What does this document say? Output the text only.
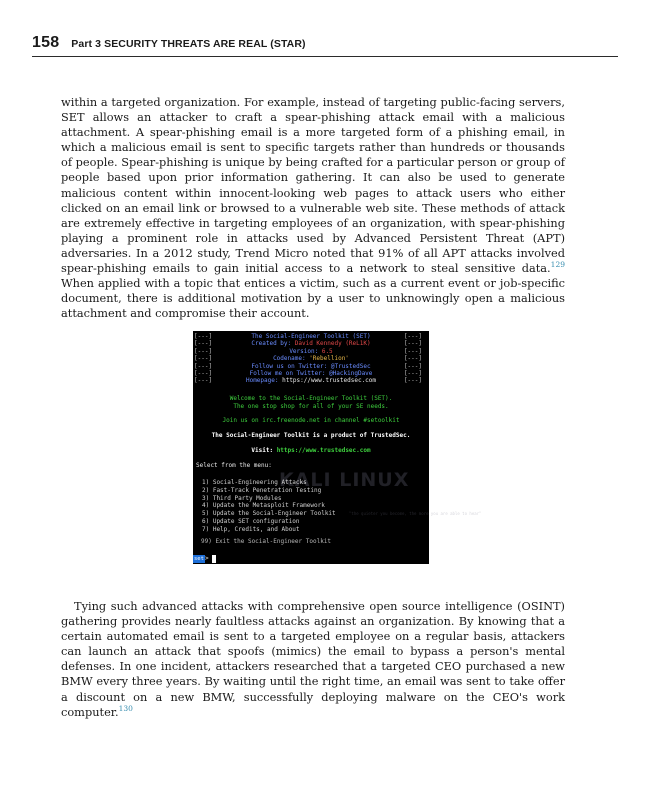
158 Part 3 SECURITY THREATS ARE REAL (STAR)

within a targeted organization. For example, instead of targeting public-facing servers, SET allows an attacker to craft a spear-phishing attack email with a malicious attachment. A spear-phishing email is a more targeted form of a phishing email, in which a malicious email is sent to specific targets rather than hundreds or thousands of people. Spear-phishing is unique by being crafted for a particular person or group of people based upon prior information gathering. It can also be used to generate malicious content within innocent-looking web pages to attack users who either clicked on an email link or browsed to a vulnerable web site. These methods of attack are extremely effective in targeting employees of an organization, with spear-phishing playing a prominent role in attacks used by Advanced Persistent Threat (APT) adversaries. In a 2012 study, Trend Micro noted that 91% of all APT attacks involved spear-phishing emails to gain initial access to a network to steal sensitive data.$^{129}$ When applied with a topic that entices a victim, such as a current event or job-specific document, there is additional motivation by a user to unknowingly open a malicious attachment and compromise their account.

[---]	The Social-Engineer Toolkit (SET)	[---]
[---]	Created by: David Kennedy (ReL1K)	[---]
[---]	Version: 6.5	[---]
[---]	Codename: 'Rebellion'	[---]
[---]	Follow us on Twitter: @TrustedSec	[---]
[---]	Follow me on Twitter: @HackingDave	[---]
[---]	Homepage: https://www.trustedsec.com	[---]
Welcome to the Social-Engineer Toolkit (SET).
The one stop shop for all of your SE needs.
Join us on irc.freenode.net in channel #setoolkit
The Social-Engineer Toolkit is a product of TrustedSec.
Visit: https://www.trustedsec.com
Select from the menu:
KALI LINUX
"the quieter you become, the more you are able to hear"
1) Social-Engineering Attacks
2) Fast-Track Penetration Testing
3) Third Party Modules
4) Update the Metasploit Framework
5) Update the Social-Engineer Toolkit
6) Update SET configuration
7) Help, Credits, and About
99) Exit the Social-Engineer Toolkit
set >

Tying such advanced attacks with comprehensive open source intelligence (OSINT) gathering provides nearly faultless attacks against an organization. By knowing that a certain automated email is sent to a targeted employee on a regular basis, attackers can launch an attack that spoofs (mimics) the email to bypass a person's mental defenses. In one incident, attackers researched that a targeted CEO purchased a new BMW every three years. By waiting until the right time, an email was sent to take offer a discount on a new BMW, successfully deploying malware on the CEO's work computer.$^{130}$
